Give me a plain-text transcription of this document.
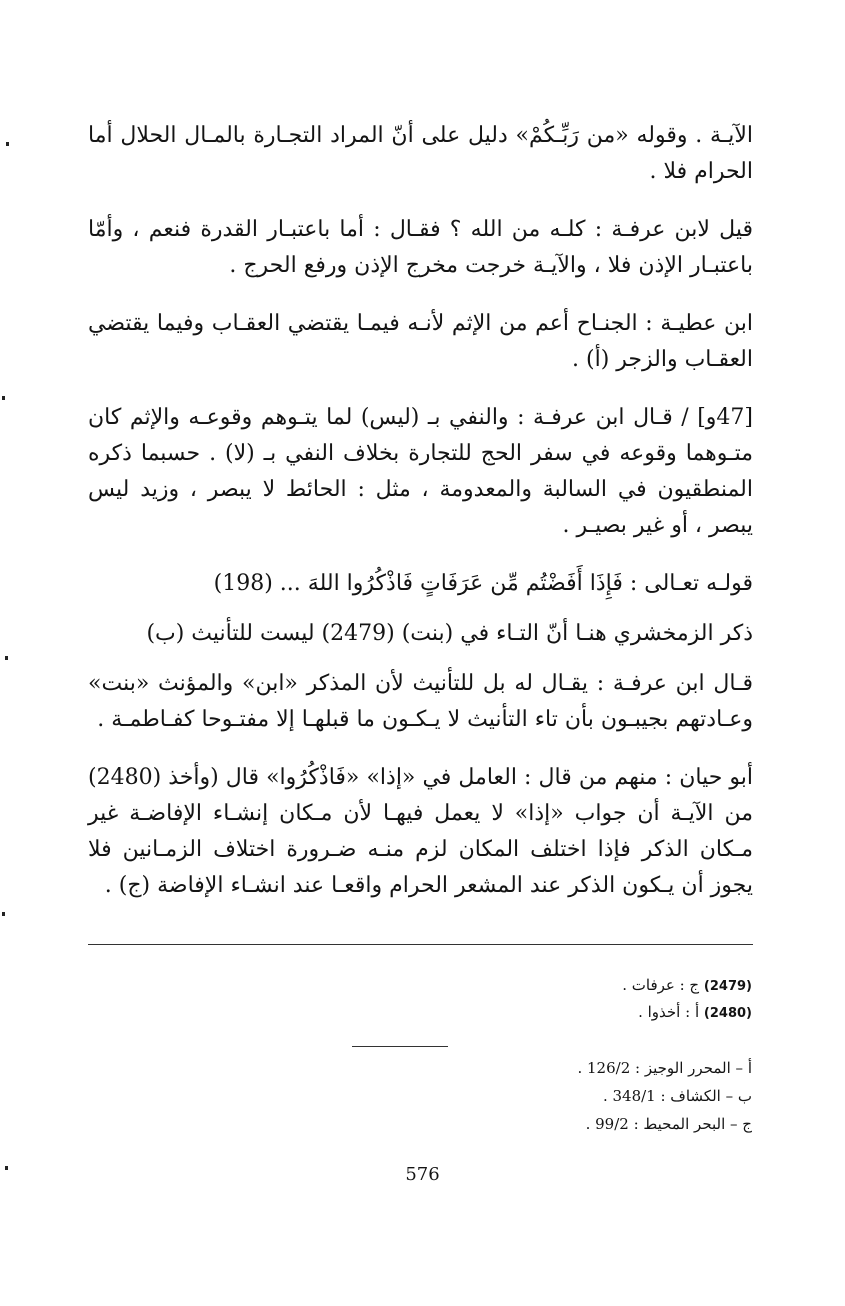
الآيـة . وقوله «من رَبِّـكُمْ» دليل على أنّ المراد التجـارة بالمـال الحلال أما الحرام فلا .

قيل لابن عرفـة : كلـه من الله ؟ فقـال : أما باعتبـار القدرة فنعم ، وأمّا باعتبـار الإذن فلا ، والآيـة خرجت مخرج الإذن ورفع الحرج .

ابن عطيـة : الجنـاح أعم من الإثم لأنـه فيمـا يقتضي العقـاب وفيما يقتضي العقـاب والزجر (أ) .

[47و] / قـال ابن عرفـة : والنفي بـ (ليس) لما يتـوهم وقوعـه والإثم كان متـوهما وقوعه في سفر الحج للتجارة بخلاف النفي بـ (لا) . حسبما ذكره المنطقيون في السالبة والمعدومة ، مثل : الحائط لا يبصر ، وزيد ليس يبصر ، أو غير بصيـر .

قولـه تعـالى : فَإِذَا أَفَضْتُم مِّن عَرَفَاتٍ فَاذْكُرُوا اللهَ ... (198)

ذكر الزمخشري هنـا أنّ التـاء في (بنت) (2479) ليست للتأنيث (ب)

قـال ابن عرفـة : يقـال له بل للتأنيث لأن المذكر «ابن» والمؤنث «بنت» وعـادتهم بجيبـون بأن تاء التأنيث لا يـكـون ما قبلهـا إلا مفتـوحا كفـاطمـة .

أبو حيان : منهم من قال : العامل في «إذا» «فَاذْكُرُوا» قال (وأخذ (2480) من الآيـة أن جواب «إذا» لا يعمل فيهـا لأن مـكان إنشـاء الإفاضـة غير مـكان الذكر فإذا اختلف المكان لزم منـه ضـرورة اختلاف الزمـانين فلا يجوز أن يـكون الذكر عند المشعر الحرام واقعـا عند انشـاء الإفاضة (ج) .

(2479) ج : عرفات .
(2480) أ : أخذوا .
أ – المحرر الوجيز : 126/2 .
ب – الكشاف : 348/1 .
ج – البحر المحيط : 99/2 .
576
